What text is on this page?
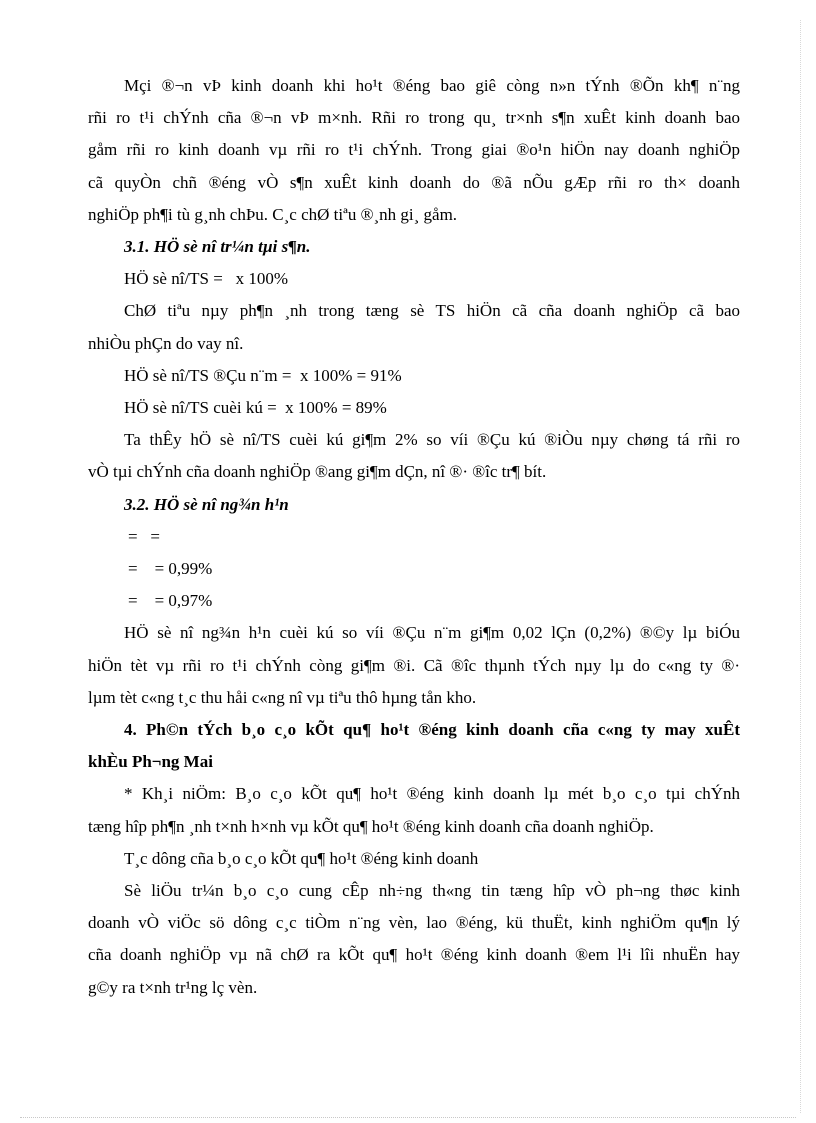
Mçi ®¬n vÞ kinh doanh khi ho¹t ®éng bao giê còng n»n tÝnh ®Õn kh¶ n¨ng
rñi ro t¹i chÝnh cña ®¬n vÞ m×nh. Rñi ro trong qu¸ tr×nh s¶n xuÊt kinh doanh bao
gåm rñi ro kinh doanh vµ rñi ro t¹i chÝnh. Trong giai ®o¹n hiÖn nay doanh nghiÖp
cã quyÒn chñ ®éng vÒ s¶n xuÊt kinh doanh do ®ã nÕu gÆp rñi ro th× doanh
nghiÖp ph¶i tù g¸nh chÞu. C¸c chØ tiªu ®¸nh gi¸ gåm.
3.1. HÖ sè nî tr¼n tµi s¶n.
HÖ sè nî/TS =   x 100%
ChØ tiªu nµy ph¶n ¸nh trong tæng sè TS hiÖn cã cña doanh nghiÖp cã bao
nhiÒu phÇn do vay nî.
HÖ sè nî/TS ®Çu n¨m =  x 100% = 91%
HÖ sè nî/TS cuèi kú =  x 100% = 89%
Ta thÊy hÖ sè nî/TS cuèi kú gi¶m 2% so víi ®Çu kú ®iÒu nµy chøng tá rñi ro
vÒ tµi chÝnh cña doanh nghiÖp ®ang gi¶m dÇn, nî ®· ®îc tr¶ bít.
3.2. HÖ sè nî ng¾n h¹n
=   =
=    = 0,99%
=    = 0,97%
HÖ sè nî ng¾n h¹n cuèi kú so víi ®Çu n¨m gi¶m 0,02 lÇn (0,2%) ®©y lµ biÓu
hiÖn tèt vµ rñi ro t¹i chÝnh còng gi¶m ®i. Cã ®îc thµnh tÝch nµy lµ do c«ng ty ®·
lµm tèt c«ng t¸c thu håi c«ng nî vµ tiªu thô hµng tån kho.
4. Ph©n tÝch b¸o c¸o kÕt qu¶ ho¹t ®éng kinh doanh cña c«ng ty may xuÊt
khÈu Ph¬ng Mai
* Kh¸i niÖm: B¸o c¸o kÕt qu¶ ho¹t ®éng kinh doanh lµ mét b¸o c¸o tµi chÝnh
tæng hîp ph¶n ¸nh t×nh h×nh vµ kÕt qu¶ ho¹t ®éng kinh doanh cña doanh nghiÖp.
T¸c dông cña b¸o c¸o kÕt qu¶ ho¹t ®éng kinh doanh
Sè liÖu tr¼n b¸o c¸o cung cÊp nh÷ng th«ng tin tæng hîp vÒ ph¬ng thøc kinh
doanh vÒ viÖc sö dông c¸c tiÒm n¨ng vèn, lao ®éng, kü thuËt, kinh nghiÖm qu¶n lý
cña doanh nghiÖp vµ nã chØ ra kÕt qu¶ ho¹t ®éng kinh doanh ®em l¹i lîi nhuËn hay
g©y ra t×nh tr¹ng lç vèn.
